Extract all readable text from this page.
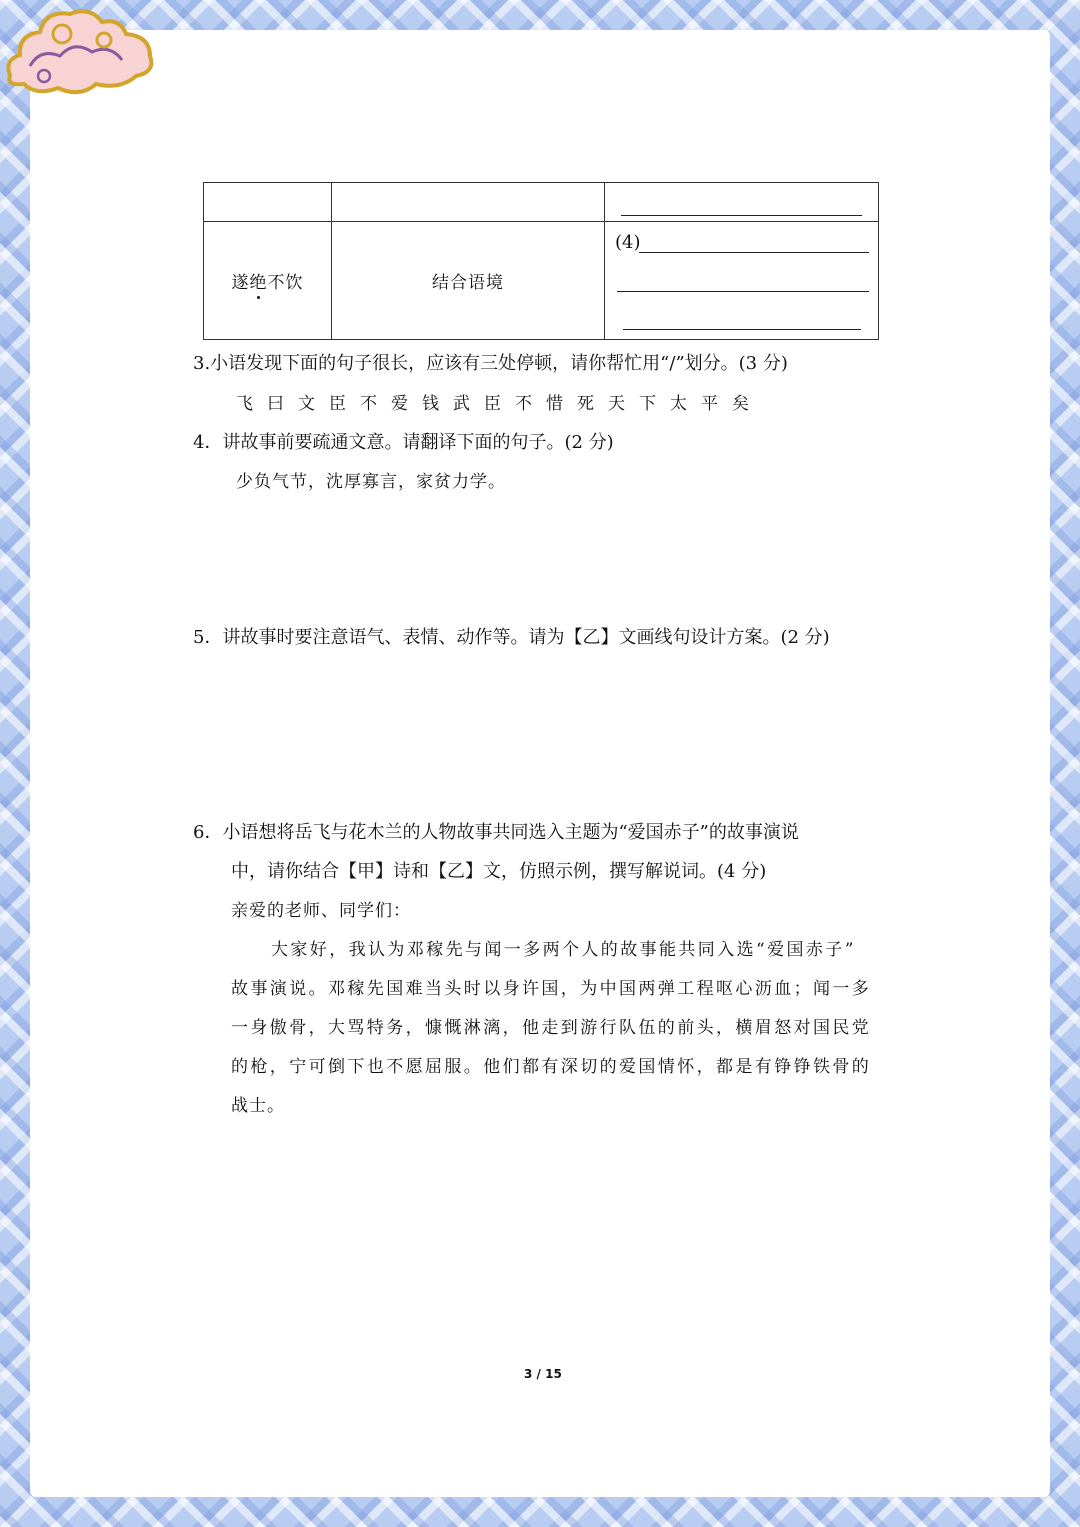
遂绝不饮	结合语境	(4)
3.小语发现下面的句子很长，应该有三处停顿，请你帮忙用“/”划分。(3 分)
飞曰文臣不爱钱武臣不惜死天下太平矣
4．讲故事前要疏通文意。请翻译下面的句子。(2 分)
少负气节，沈厚寡言，家贫力学。
5．讲故事时要注意语气、表情、动作等。请为【乙】文画线句设计方案。(2 分)
6．小语想将岳飞与花木兰的人物故事共同选入主题为“爱国赤子”的故事演说
中，请你结合【甲】诗和【乙】文，仿照示例，撰写解说词。(4 分)
亲爱的老师、同学们：
大家好，我认为邓稼先与闻一多两个人的故事能共同入选“爱国赤子”
故事演说。邓稼先国难当头时以身许国，为中国两弹工程呕心沥血；闻一多
一身傲骨，大骂特务，慷慨淋漓，他走到游行队伍的前头，横眉怒对国民党
的枪，宁可倒下也不愿屈服。他们都有深切的爱国情怀，都是有铮铮铁骨的
战士。
3 / 15
